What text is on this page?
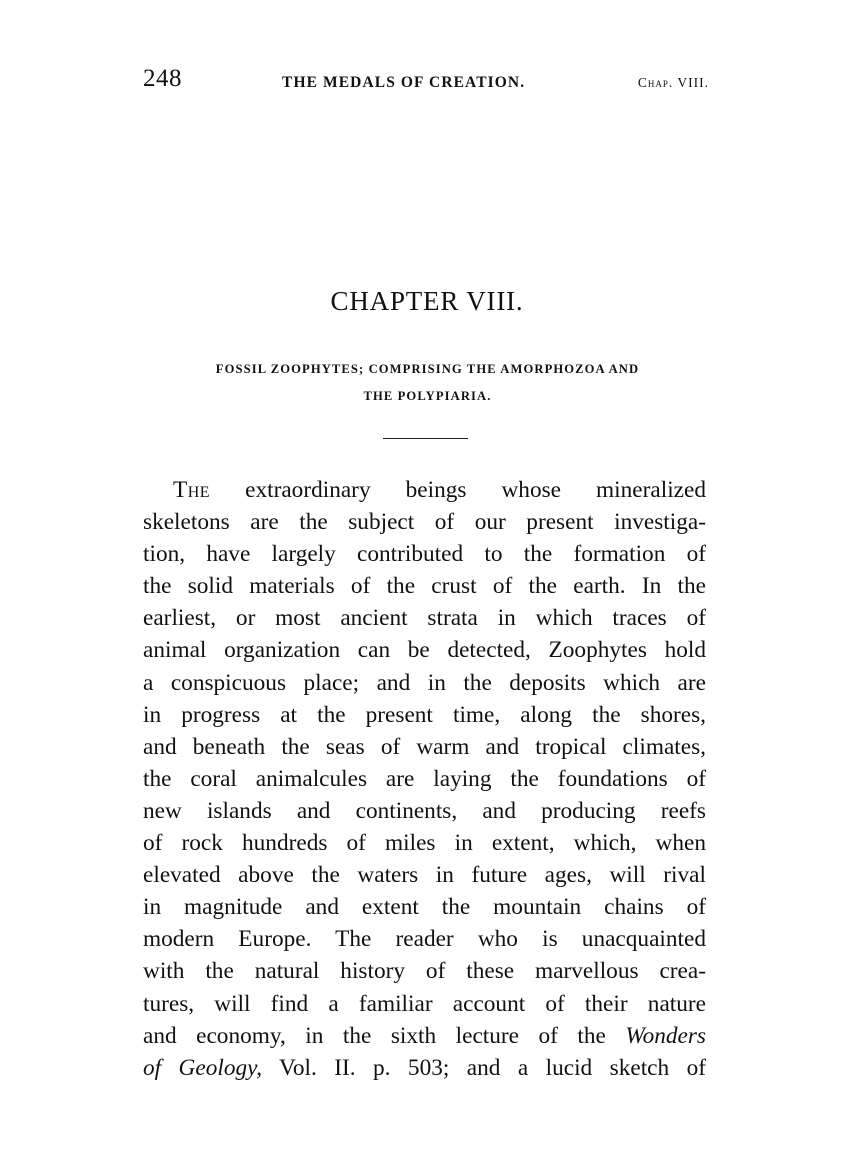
248	THE MEDALS OF CREATION.	Chap. VIII.
CHAPTER VIII.
FOSSIL ZOOPHYTES; COMPRISING THE AMORPHOZOA AND
THE POLYPIARIA.
The extraordinary beings whose mineralized
skeletons are the subject of our present investiga-
tion, have largely contributed to the formation of
the solid materials of the crust of the earth. In the
earliest, or most ancient strata in which traces of
animal organization can be detected, Zoophytes hold
a conspicuous place; and in the deposits which are
in progress at the present time, along the shores,
and beneath the seas of warm and tropical climates,
the coral animalcules are laying the foundations of
new islands and continents, and producing reefs
of rock hundreds of miles in extent, which, when
elevated above the waters in future ages, will rival
in magnitude and extent the mountain chains of
modern Europe. The reader who is unacquainted
with the natural history of these marvellous crea-
tures, will find a familiar account of their nature
and economy, in the sixth lecture of the Wonders
of Geology, Vol. II. p. 503; and a lucid sketch of
